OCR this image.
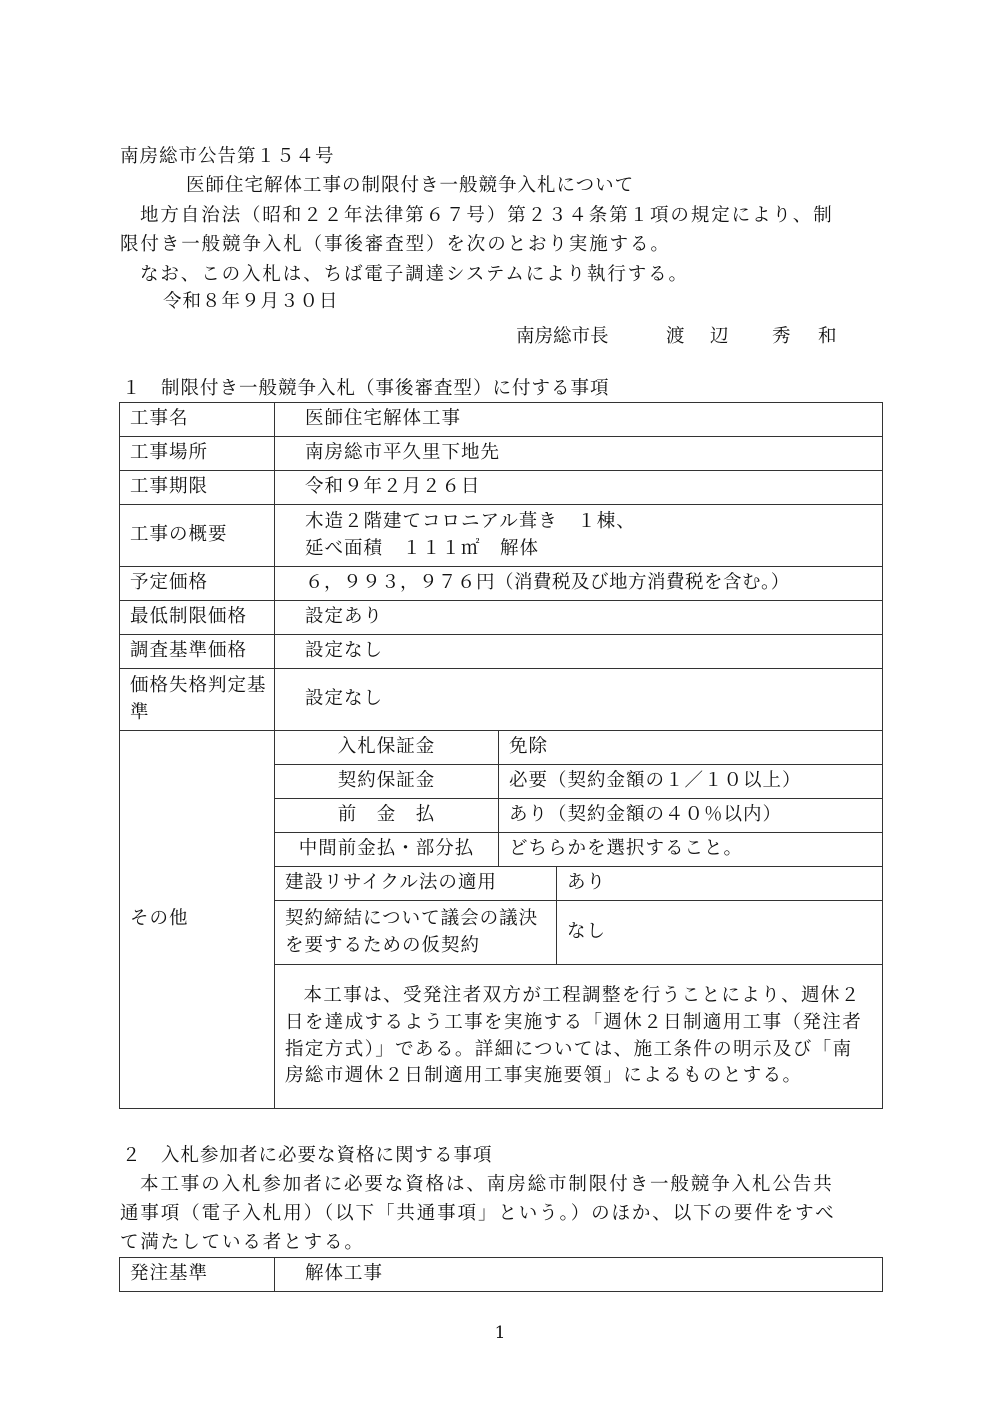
南房総市公告第１５４号
医師住宅解体工事の制限付き一般競争入札について
地方自治法（昭和２２年法律第６７号）第２３４条第１項の規定により、制
限付き一般競争入札（事後審査型）を次のとおり実施する。
なお、この入札は、ちば電子調達システムにより執行する。
令和８年９月３０日
南房総市長	渡 辺 秀 和
１　制限付き一般競争入札（事後審査型）に付する事項
工事名	医師住宅解体工事		
工事場所	南房総市平久里下地先		
工事期限	令和９年２月２６日		
工事の概要	木造２階建てコロニアル葺き　１棟、
延べ面積　１１１㎡　解体		

予定価格	６，９９３，９７６円（消費税及び地方消費税を含む。）		
最低制限価格	設定あり		
調査基準価格	設定なし		
価格失格判定基準	設定なし		
その他	入札保証金	免除	
	契約保証金	必要（契約金額の１／１０以上）	
	前　金　払	あり（契約金額の４０％以内）	
	中間前金払・部分払	どちらかを選択すること。	
	建設リサイクル法の適用		あり
	契約締結について議会の議決を要するための仮契約		なし
	本工事は、受発注者双方が工程調整を行うことにより、週休２日を達成するよう工事を実施する「週休２日制適用工事（発注者指定方式）」である。詳細については、施工条件の明示及び「南房総市週休２日制適用工事実施要領」によるものとする。		
２　入札参加者に必要な資格に関する事項
本工事の入札参加者に必要な資格は、南房総市制限付き一般競争入札公告共
通事項（電子入札用）（以下「共通事項」という。）のほか、以下の要件をすべ
て満たしている者とする。
発注基準	解体工事
1
